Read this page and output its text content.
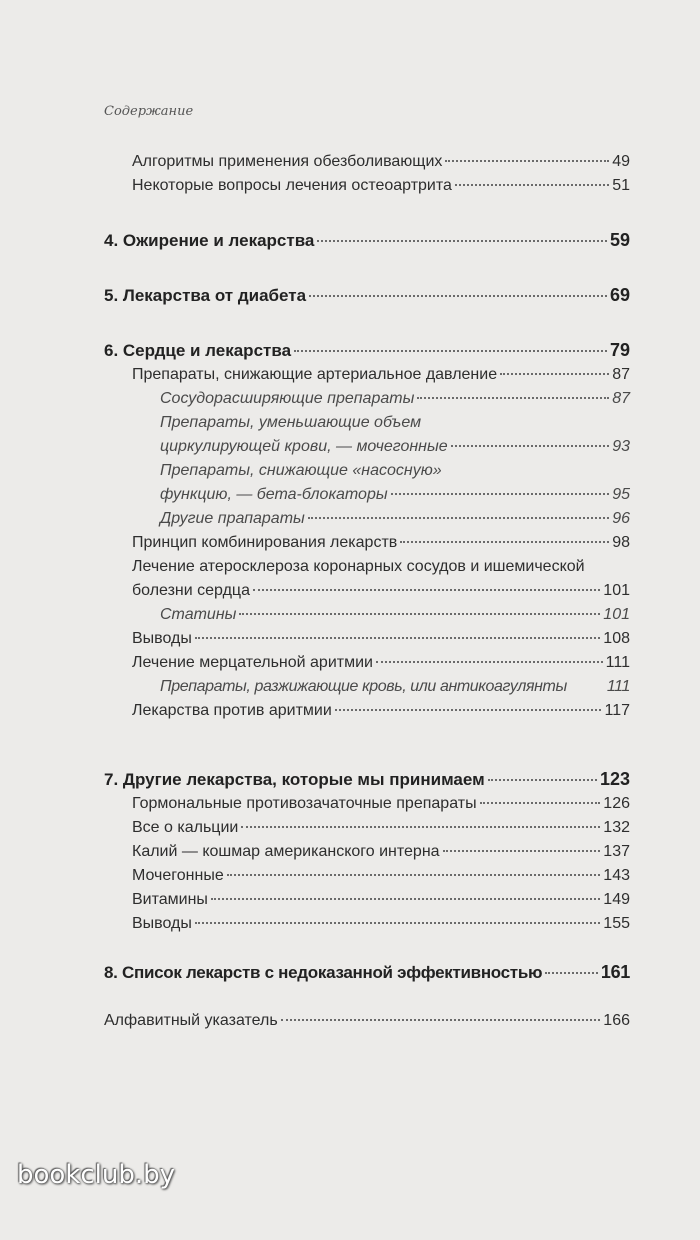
Содержание
Алгоритмы применения обезболивающих	49
Некоторые вопросы лечения остеоартрита	51
4. Ожирение и лекарства	59
5. Лекарства от диабета	69
6. Сердце и лекарства	79
Препараты, снижающие артериальное давление	87
Сосудорасширяющие препараты	87
Препараты, уменьшающие объем
циркулирующей крови, — мочегонные	93
Препараты, снижающие «насосную»
функцию, — бета-блокаторы	95
Другие прапараты	96
Принцип комбинирования лекарств	98
Лечение атеросклероза коронарных сосудов и ишемической
болезни сердца	101
Статины	101
Выводы	108
Лечение мерцательной аритмии	111
Препараты, разжижающие кровь, или антикоагулянты	111
Лекарства против аритмии	117
7. Другие лекарства, которые мы принимаем	123
Гормональные противозачаточные препараты	126
Все о кальции	132
Калий — кошмар американского интерна	137
Мочегонные	143
Витамины	149
Выводы	155
8. Список лекарств с недоказанной эффективностью	161
Алфавитный указатель	166
bookclub.by
